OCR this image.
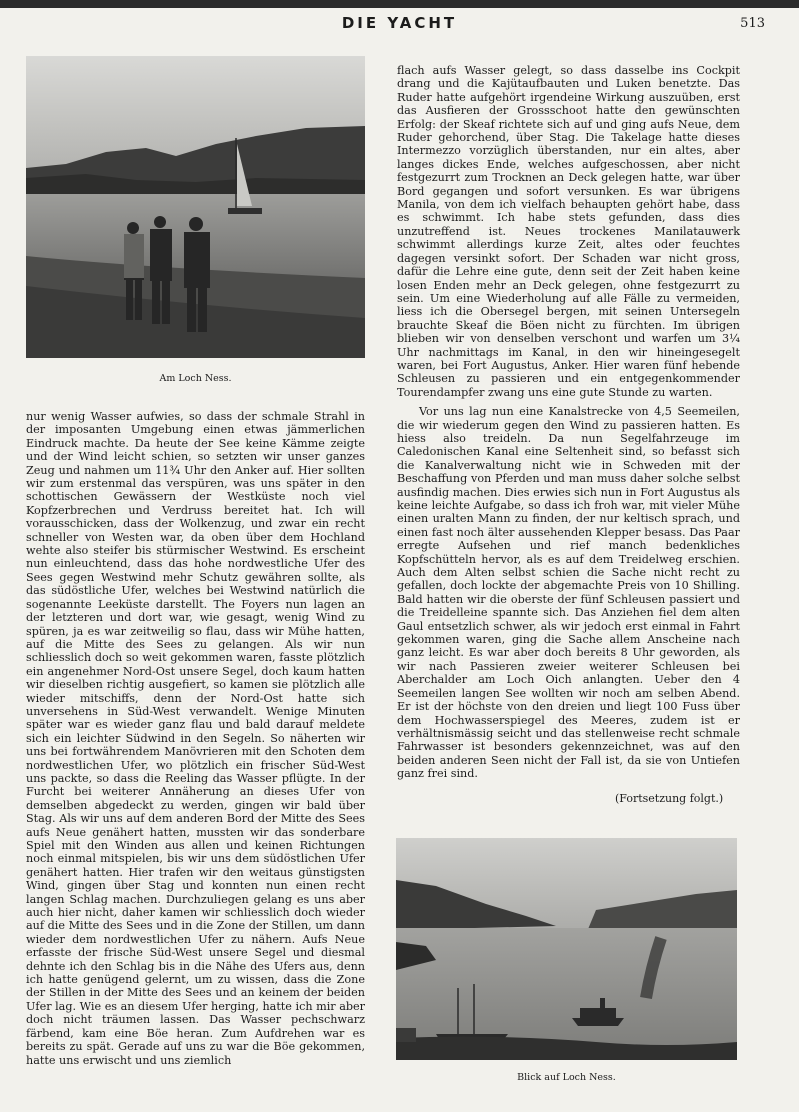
DIE YACHT	513
Am Loch Ness.

nur wenig Wasser aufwies, so dass der schmale Strahl in der imposanten Umgebung einen etwas jämmerlichen Eindruck machte. Da heute der See keine Kämme zeigte und der Wind leicht schien, so setzten wir unser ganzes Zeug und nahmen um 11¾ Uhr den Anker auf. Hier sollten wir zum erstenmal das verspüren, was uns später in den schottischen Gewässern der Westküste noch viel Kopfzerbrechen und Verdruss bereitet hat. Ich will vorausschicken, dass der Wolkenzug, und zwar ein recht schneller von Westen war, da oben über dem Hochland wehte also steifer bis stürmischer Westwind. Es erscheint nun einleuchtend, dass das hohe nordwestliche Ufer des Sees gegen Westwind mehr Schutz gewähren sollte, als das südöstliche Ufer, welches bei Westwind natürlich die sogenannte Leeküste darstellt. The Foyers nun lagen an der letzteren und dort war, wie gesagt, wenig Wind zu spüren, ja es war zeitweilig so flau, dass wir Mühe hatten, auf die Mitte des Sees zu gelangen. Als wir nun schliesslich doch so weit gekommen waren, fasste plötzlich ein angenehmer Nord-Ost unsere Segel, doch kaum hatten wir dieselben richtig ausgefiert, so kamen sie plötzlich alle wieder mitschiffs, denn der Nord-Ost hatte sich unversehens in Süd-West verwandelt. Wenige Minuten später war es wieder ganz flau und bald darauf meldete sich ein leichter Südwind in den Segeln. So näherten wir uns bei fortwährendem Manövrieren mit den Schoten dem nordwestlichen Ufer, wo plötzlich ein frischer Süd-West uns packte, so dass die Reeling das Wasser pflügte. In der Furcht bei weiterer Annäherung an dieses Ufer von demselben abgedeckt zu werden, gingen wir bald über Stag. Als wir uns auf dem anderen Bord der Mitte des Sees aufs Neue genähert hatten, mussten wir das sonderbare Spiel mit den Winden aus allen und keinen Richtungen noch einmal mitspielen, bis wir uns dem südöstlichen Ufer genähert hatten. Hier trafen wir den weitaus günstigsten Wind, gingen über Stag und konnten nun einen recht langen Schlag machen. Durchzuliegen gelang es uns aber auch hier nicht, daher kamen wir schliesslich doch wieder auf die Mitte des Sees und in die Zone der Stillen, um dann wieder dem nordwestlichen Ufer zu nähern. Aufs Neue erfasste der frische Süd-West unsere Segel und diesmal dehnte ich den Schlag bis in die Nähe des Ufers aus, denn ich hatte genügend gelernt, um zu wissen, dass die Zone der Stillen in der Mitte des Sees und an keinem der beiden Ufer lag. Wie es an diesem Ufer herging, hatte ich mir aber doch nicht träumen lassen. Das Wasser pechschwarz färbend, kam eine Böe heran. Zum Aufdrehen war es bereits zu spät. Gerade auf uns zu war die Böe gekommen, hatte uns erwischt und uns ziemlich

flach aufs Wasser gelegt, so dass dasselbe ins Cockpit drang und die Kajütaufbauten und Luken benetzte. Das Ruder hatte aufgehört irgendeine Wirkung auszuüben, erst das Ausfieren der Grossschoot hatte den gewünschten Erfolg: der Skeaf richtete sich auf und ging aufs Neue, dem Ruder gehorchend, über Stag. Die Takelage hatte dieses Intermezzo vorzüglich überstanden, nur ein altes, aber langes dickes Ende, welches aufgeschossen, aber nicht festgezurrt zum Trocknen an Deck gelegen hatte, war über Bord gegangen und sofort versunken. Es war übrigens Manila, von dem ich vielfach behaupten gehört habe, dass es schwimmt. Ich habe stets gefunden, dass dies unzutreffend ist. Neues trockenes Manilatauwerk schwimmt allerdings kurze Zeit, altes oder feuchtes dagegen versinkt sofort. Der Schaden war nicht gross, dafür die Lehre eine gute, denn seit der Zeit haben keine losen Enden mehr an Deck gelegen, ohne festgezurrt zu sein. Um eine Wiederholung auf alle Fälle zu vermeiden, liess ich die Obersegel bergen, mit seinen Untersegeln brauchte Skeaf die Böen nicht zu fürchten. Im übrigen blieben wir von denselben verschont und warfen um 3¼ Uhr nachmittags im Kanal, in den wir hineingesegelt waren, bei Fort Augustus, Anker. Hier waren fünf hebende Schleusen zu passieren und ein entgegenkommender Tourendampfer zwang uns eine gute Stunde zu warten.

Vor uns lag nun eine Kanalstrecke von 4,5 Seemeilen, die wir wiederum gegen den Wind zu passieren hatten. Es hiess also treideln. Da nun Segelfahrzeuge im Caledonischen Kanal eine Seltenheit sind, so befasst sich die Kanalverwaltung nicht wie in Schweden mit der Beschaffung von Pferden und man muss daher solche selbst ausfindig machen. Dies erwies sich nun in Fort Augustus als keine leichte Aufgabe, so dass ich froh war, mit vieler Mühe einen uralten Mann zu finden, der nur keltisch sprach, und einen fast noch älter aussehenden Klepper besass. Das Paar erregte Aufsehen und rief manch bedenkliches Kopfschütteln hervor, als es auf dem Treidelweg erschien. Auch dem Alten selbst schien die Sache nicht recht zu gefallen, doch lockte der abgemachte Preis von 10 Shilling. Bald hatten wir die oberste der fünf Schleusen passiert und die Treidelleine spannte sich. Das Anziehen fiel dem alten Gaul entsetzlich schwer, als wir jedoch erst einmal in Fahrt gekommen waren, ging die Sache allem Anscheine nach ganz leicht. Es war aber doch bereits 8 Uhr geworden, als wir nach Passieren zweier weiterer Schleusen bei Aberchalder am Loch Oich anlangten. Ueber den 4 Seemeilen langen See wollten wir noch am selben Abend. Er ist der höchste von den dreien und liegt 100 Fuss über dem Hochwasserspiegel des Meeres, zudem ist er verhältnismässig seicht und das stellenweise recht schmale Fahrwasser ist besonders gekennzeichnet, was auf den beiden anderen Seen nicht der Fall ist, da sie von Untiefen ganz frei sind.

(Fortsetzung folgt.)
Blick auf Loch Ness.
